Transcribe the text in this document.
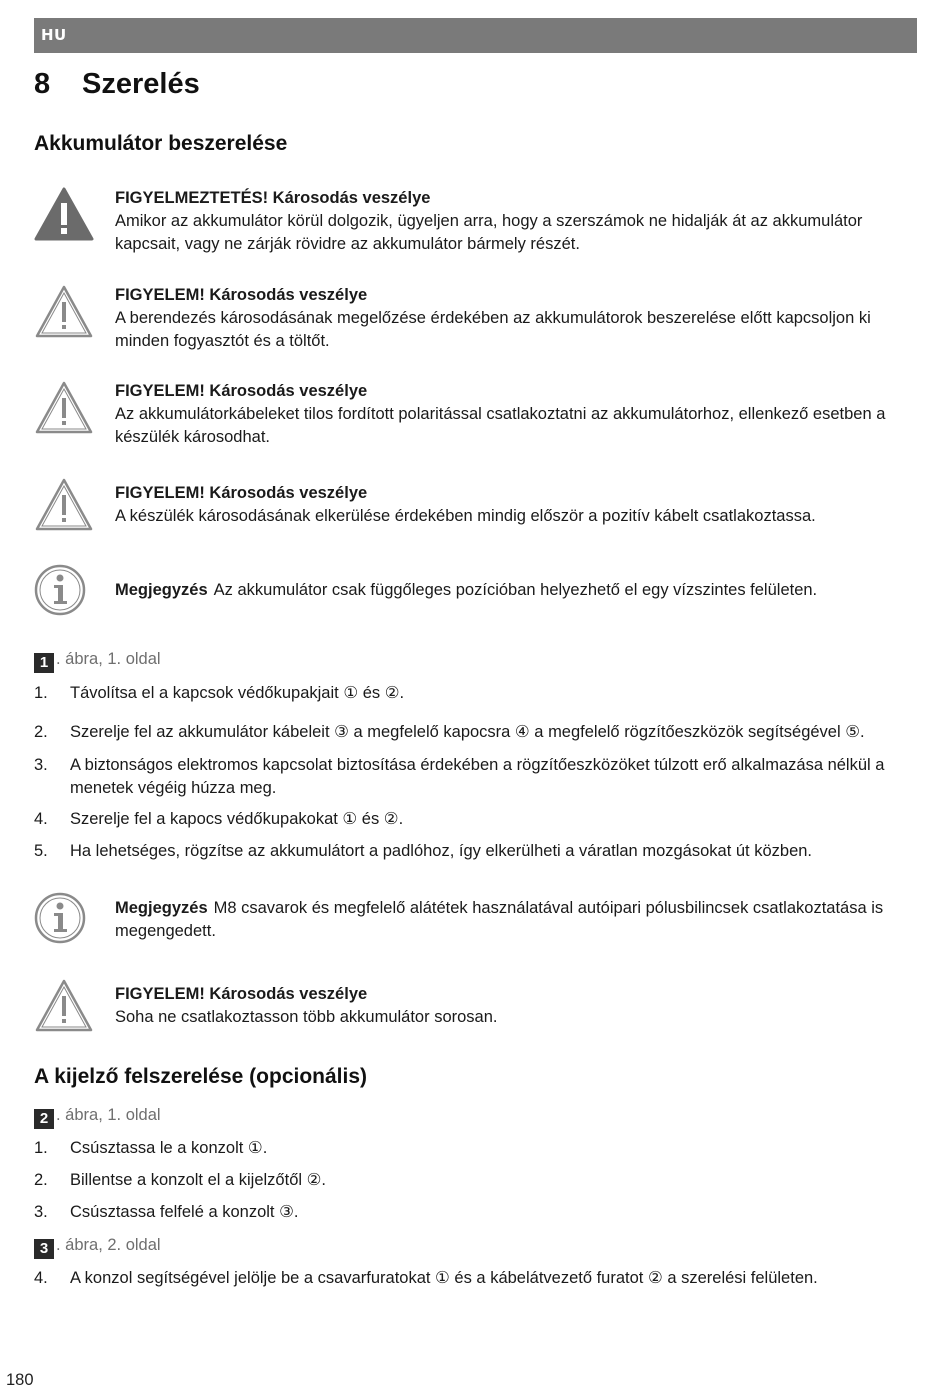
HU
8 Szerelés
Akkumulátor beszerelése
FIGYELMEZTETÉS! Károsodás veszélye
Amikor az akkumulátor körül dolgozik, ügyeljen arra, hogy a szerszámok ne hidalják át az akkumulátor kapcsait, vagy ne zárják rövidre az akkumulátor bármely részét.
FIGYELEM! Károsodás veszélye
A berendezés károsodásának megelőzése érdekében az akkumulátorok beszerelése előtt kapcsoljon ki minden fogyasztót és a töltőt.
FIGYELEM! Károsodás veszélye
Az akkumulátorkábeleket tilos fordított polaritással csatlakoztatni az akkumulátorhoz, ellenkező esetben a készülék károsodhat.
FIGYELEM! Károsodás veszélye
A készülék károsodásának elkerülése érdekében mindig először a pozitív kábelt csatlakoztassa.
Megjegyzés Az akkumulátor csak függőleges pozícióban helyezhető el egy vízszintes felületen.
1 . ábra, 1. oldal
1. Távolítsa el a kapcsok védőkupakjait ① és ②.
2. Szerelje fel az akkumulátor kábeleit ③ a megfelelő kapocsra ④ a megfelelő rögzítőeszközök segítségével ⑤.
3. A biztonságos elektromos kapcsolat biztosítása érdekében a rögzítőeszközöket túlzott erő alkalmazása nélkül a menetek végéig húzza meg.
4. Szerelje fel a kapocs védőkupakokat ① és ②.
5. Ha lehetséges, rögzítse az akkumulátort a padlóhoz, így elkerülheti a váratlan mozgásokat út közben.
Megjegyzés M8 csavarok és megfelelő alátétek használatával autóipari pólusbilincsek csatlakoztatása is megengedett.
FIGYELEM! Károsodás veszélye
Soha ne csatlakoztasson több akkumulátor sorosan.
A kijelző felszerelése (opcionális)
2 . ábra, 1. oldal
1. Csúsztassa le a konzolt ①.
2. Billentse a konzolt el a kijelzőtől ②.
3. Csúsztassa felfelé a konzolt ③.
3 . ábra, 2. oldal
4. A konzol segítségével jelölje be a csavarfuratokat ① és a kábelátvezető furatot ② a szerelési felületen.
180
